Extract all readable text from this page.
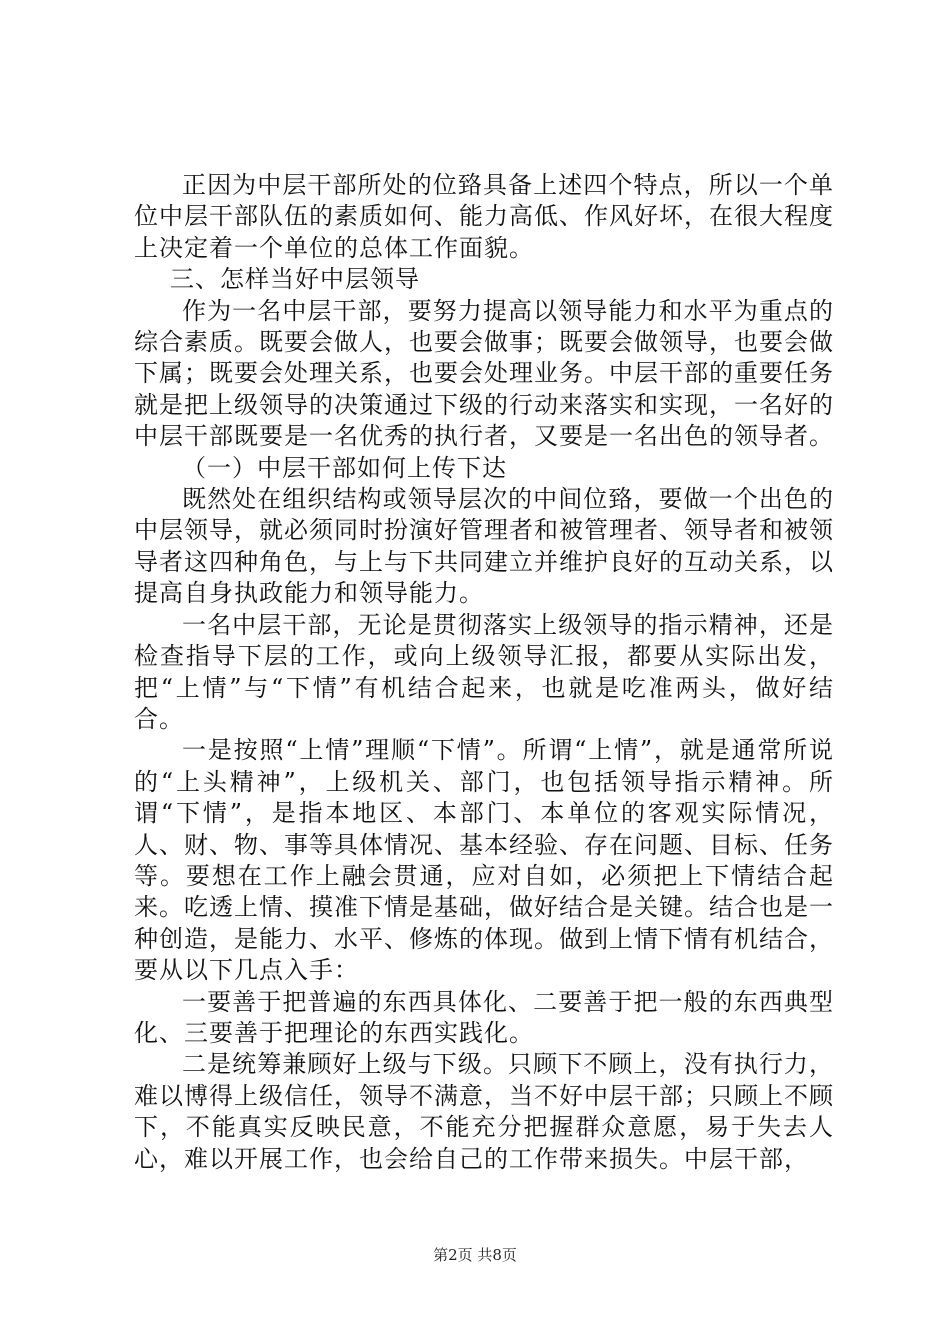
正因为中层干部所处的位臵具备上述四个特点，所以一个单位中层干部队伍的素质如何、能力高低、作风好坏，在很大程度上决定着一个单位的总体工作面貌。

三、怎样当好中层领导

作为一名中层干部，要努力提高以领导能力和水平为重点的综合素质。既要会做人，也要会做事；既要会做领导，也要会做下属；既要会处理关系，也要会处理业务。中层干部的重要任务就是把上级领导的决策通过下级的行动来落实和实现，一名好的中层干部既要是一名优秀的执行者，又要是一名出色的领导者。

（一）中层干部如何上传下达

既然处在组织结构或领导层次的中间位臵，要做一个出色的中层领导，就必须同时扮演好管理者和被管理者、领导者和被领导者这四种角色，与上与下共同建立并维护良好的互动关系，以提高自身执政能力和领导能力。

一名中层干部，无论是贯彻落实上级领导的指示精神，还是检查指导下层的工作，或向上级领导汇报，都要从实际出发，把“上情”与“下情”有机结合起来，也就是吃准两头，做好结合。

一是按照“上情”理顺“下情”。所谓“上情”，就是通常所说的“上头精神”，上级机关、部门，也包括领导指示精神。所谓“下情”，是指本地区、本部门、本单位的客观实际情况，人、财、物、事等具体情况、基本经验、存在问题、目标、任务等。要想在工作上融会贯通，应对自如，必须把上下情结合起来。吃透上情、摸准下情是基础，做好结合是关键。结合也是一种创造，是能力、水平、修炼的体现。做到上情下情有机结合，要从以下几点入手：

一要善于把普遍的东西具体化、二要善于把一般的东西典型化、三要善于把理论的东西实践化。

二是统筹兼顾好上级与下级。只顾下不顾上，没有执行力，难以博得上级信任，领导不满意，当不好中层干部；只顾上不顾下，不能真实反映民意，不能充分把握群众意愿，易于失去人心，难以开展工作，也会给自己的工作带来损失。中层干部，

第2页 共8页
